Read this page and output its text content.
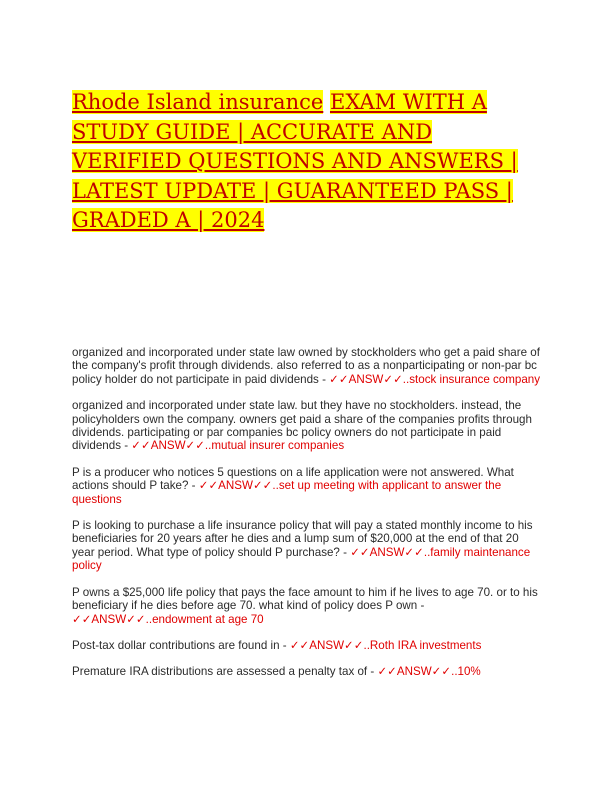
Rhode Island insurance EXAM WITH A STUDY GUIDE | ACCURATE AND VERIFIED QUESTIONS AND ANSWERS | LATEST UPDATE | GUARANTEED PASS | GRADED A | 2024

organized and incorporated under state law owned by stockholders who get a paid share of the company's profit through dividends. also referred to as a nonparticipating or non-par bc policy holder do not participate in paid dividends - ✓✓ANSW✓✓..stock insurance company

organized and incorporated under state law. but they have no stockholders. instead, the policyholders own the company. owners get paid a share of the companies profits through dividends. participating or par companies bc policy owners do not participate in paid dividends - ✓✓ANSW✓✓..mutual insurer companies

P is a producer who notices 5 questions on a life application were not answered. What actions should P take? - ✓✓ANSW✓✓..set up meeting with applicant to answer the questions

P is looking to purchase a life insurance policy that will pay a stated monthly income to his beneficiaries for 20 years after he dies and a lump sum of $20,000 at the end of that 20 year period. What type of policy should P purchase? - ✓✓ANSW✓✓..family maintenance policy

P owns a $25,000 life policy that pays the face amount to him if he lives to age 70. or to his beneficiary if he dies before age 70. what kind of policy does P own - ✓✓ANSW✓✓..endowment at age 70

Post-tax dollar contributions are found in - ✓✓ANSW✓✓..Roth IRA investments

Premature IRA distributions are assessed a penalty tax of - ✓✓ANSW✓✓..10%
